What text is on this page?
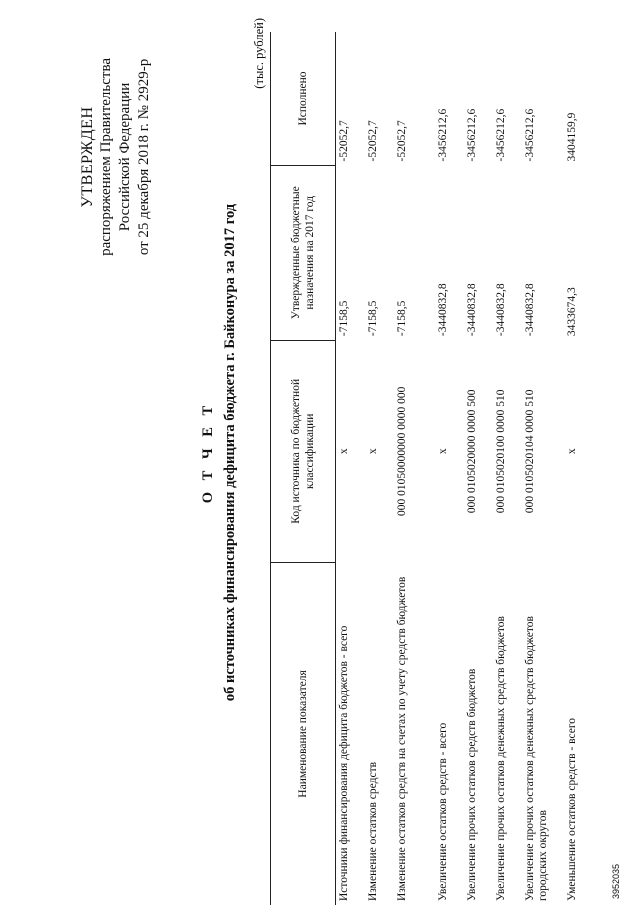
УТВЕРЖДЕН распоряжением Правительства Российской Федерации от 25 декабря 2018 г. № 2929-р
О Т Ч Е Т об источниках финансирования дефицита бюджета г. Байконура за 2017 год
(тыс. рублей)
Наименование показателя	Код источника по бюджетной классификации	Утвержденные бюджетные назначения на 2017 год	Исполнено
Источники финансирования дефицита бюджетов - всего	x	-7158,5	-52052,7
Изменение остатков средств	x	-7158,5	-52052,7
Изменение остатков средств на счетах по учету средств бюджетов	000 01050000000 0000 000	-7158,5	-52052,7
Увеличение остатков средств - всего	x	-3440832,8	-3456212,6
Увеличение прочих остатков средств бюджетов	000 0105020000 0000 500	-3440832,8	-3456212,6
Увеличение прочих остатков денежных средств бюджетов	000 0105020100 0000 510	-3440832,8	-3456212,6
Увеличение прочих остатков денежных средств бюджетов городских округов	000 0105020104 0000 510	-3440832,8	-3456212,6
Уменьшение остатков средств - всего	x	3433674,3	3404159,9
3952035
